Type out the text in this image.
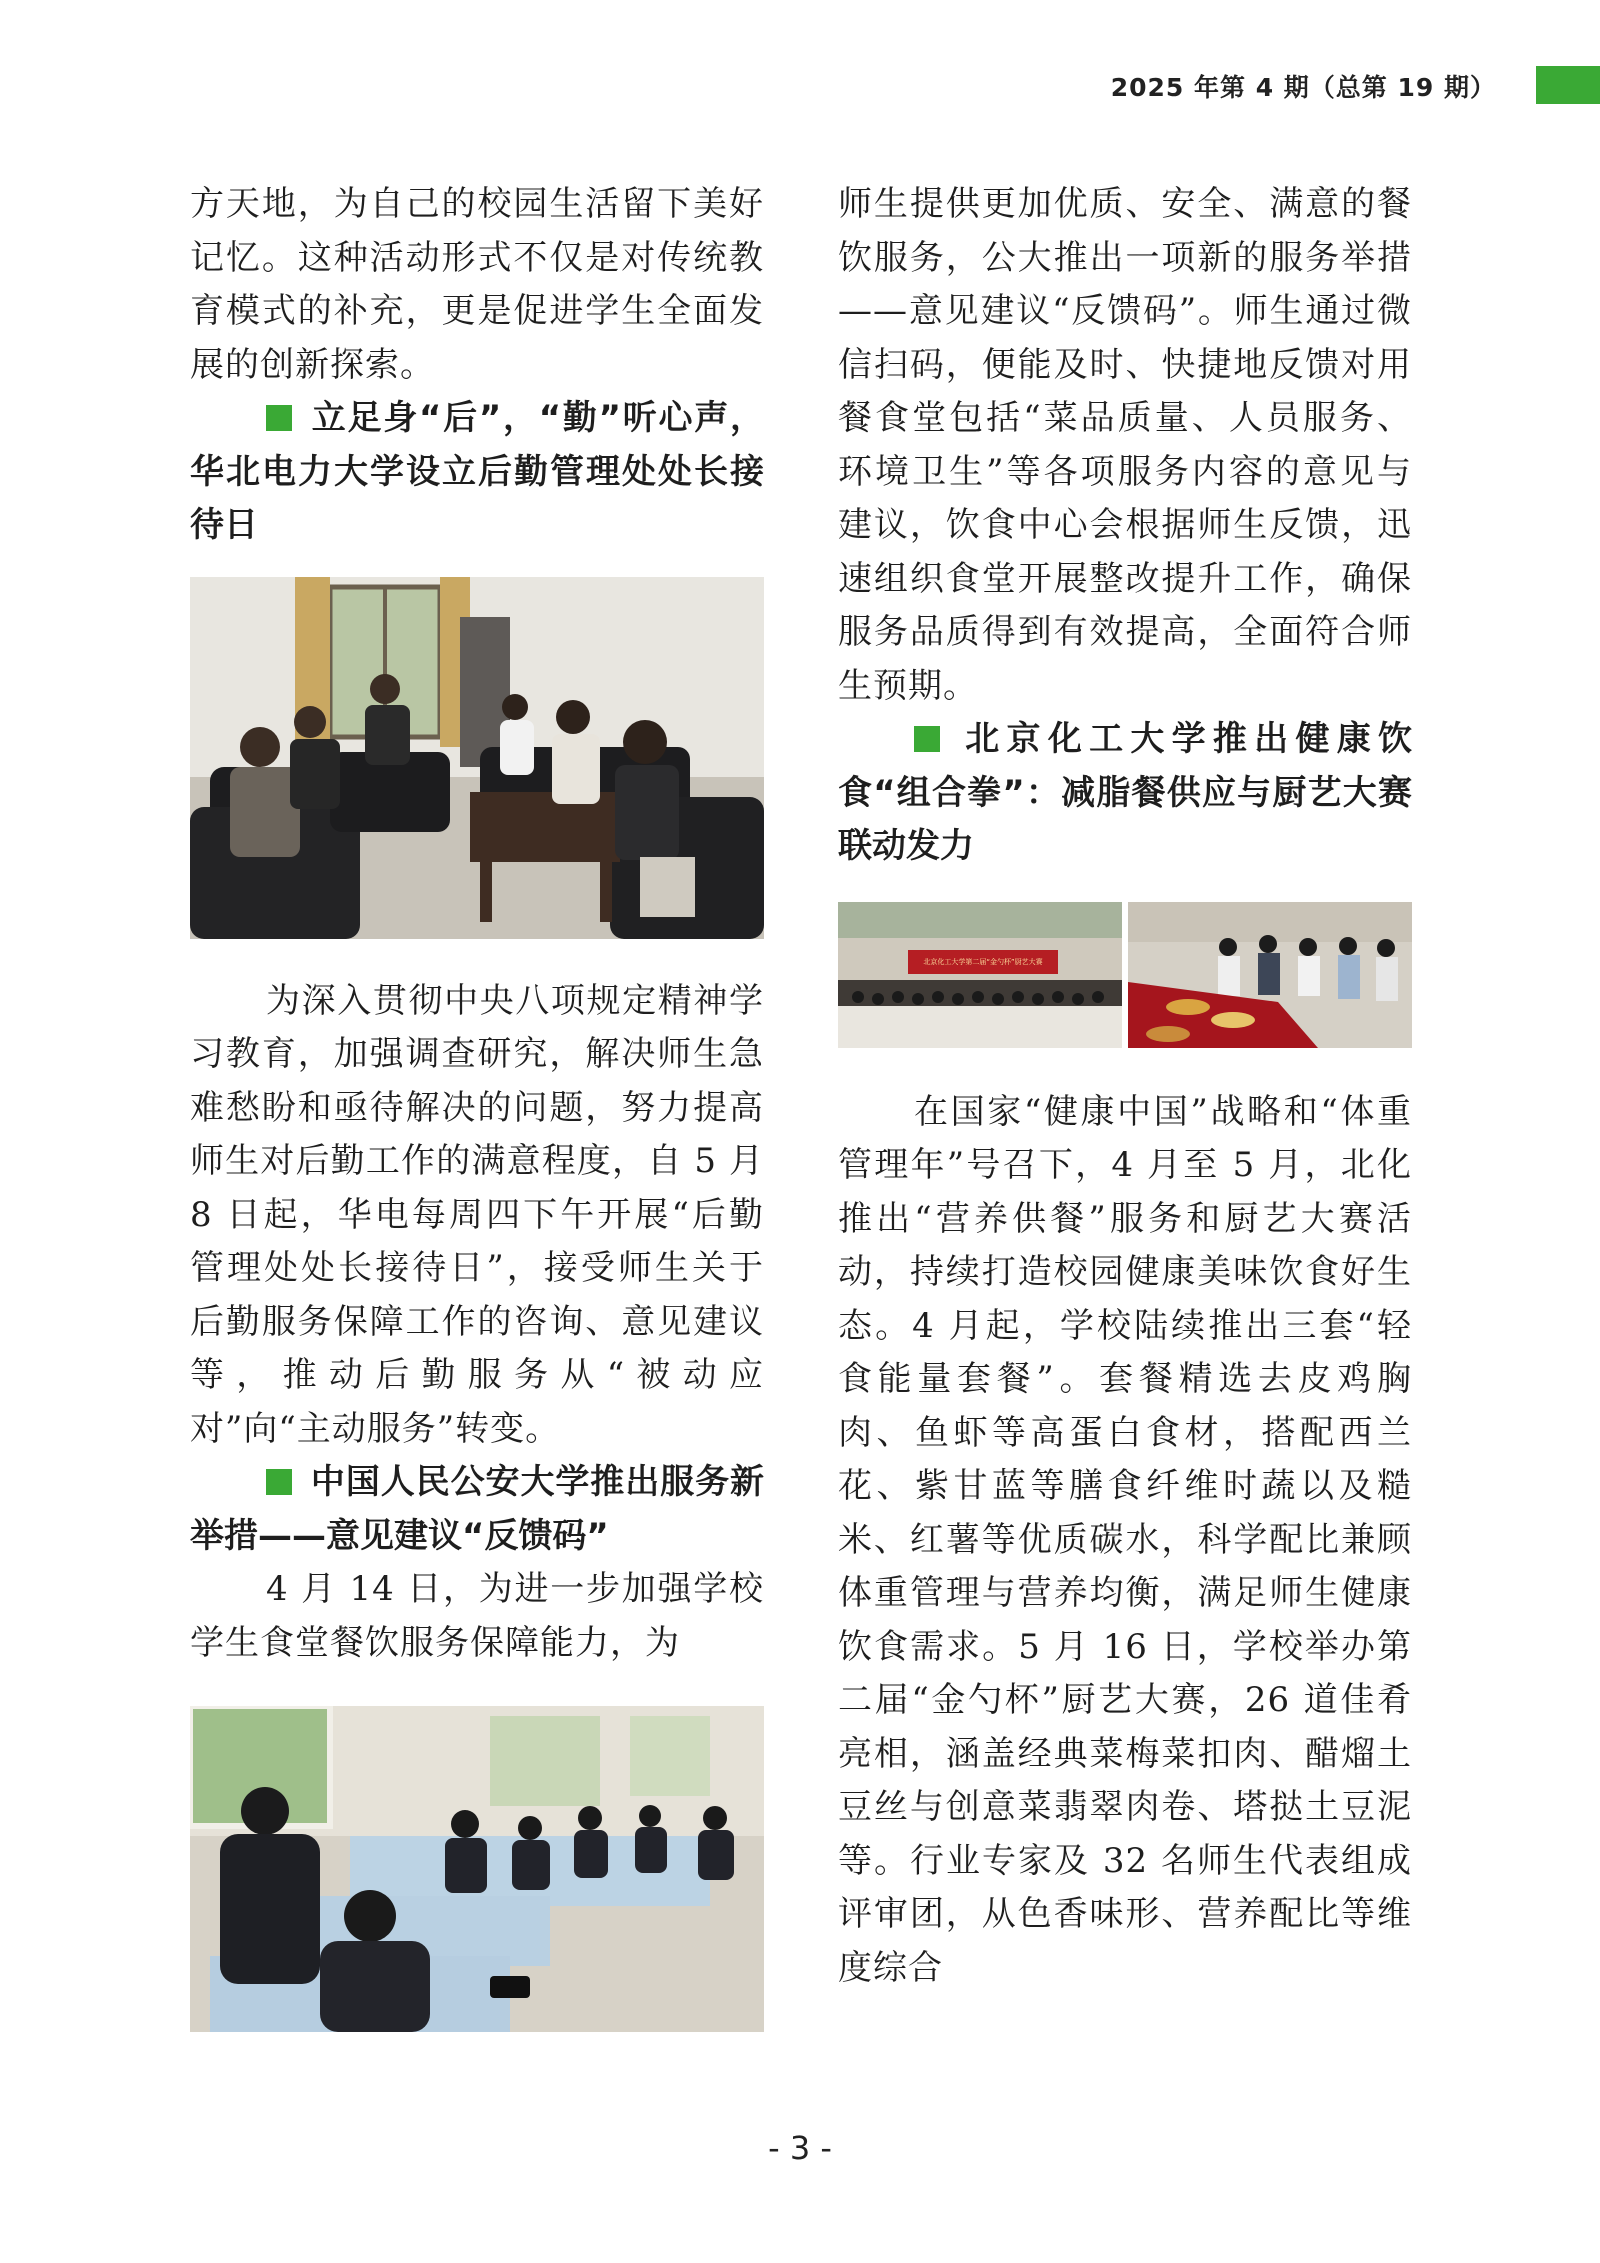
2025 年第 4 期（总第 19 期）

方天地，为自己的校园生活留下美好记忆。这种活动形式不仅是对传统教育模式的补充，更是促进学生全面发展的创新探索。

立足身“后”，“勤”听心声，华北电力大学设立后勤管理处处长接待日

为深入贯彻中央八项规定精神学习教育，加强调查研究，解决师生急难愁盼和亟待解决的问题，努力提高师生对后勤工作的满意程度，自 5 月 8 日起，华电每周四下午开展“后勤管理处处长接待日”，接受师生关于后勤服务保障工作的咨询、意见建议等，推动后勤服务从“被动应对”向“主动服务”转变。

中国人民公安大学推出服务新举措——意见建议“反馈码”

4 月 14 日，为进一步加强学校学生食堂餐饮服务保障能力，为

师生提供更加优质、安全、满意的餐饮服务，公大推出一项新的服务举措——意见建议“反馈码”。师生通过微信扫码，便能及时、快捷地反馈对用餐食堂包括“菜品质量、人员服务、环境卫生”等各项服务内容的意见与建议，饮食中心会根据师生反馈，迅速组织食堂开展整改提升工作，确保服务品质得到有效提高，全面符合师生预期。

北京化工大学推出健康饮食“组合拳”：减脂餐供应与厨艺大赛联动发力

北京化工大学第二届“金勺杯”厨艺大赛

在国家“健康中国”战略和“体重管理年”号召下，4 月至 5 月，北化推出“营养供餐”服务和厨艺大赛活动，持续打造校园健康美味饮食好生态。4 月起，学校陆续推出三套“轻食能量套餐”。套餐精选去皮鸡胸肉、鱼虾等高蛋白食材，搭配西兰花、紫甘蓝等膳食纤维时蔬以及糙米、红薯等优质碳水，科学配比兼顾体重管理与营养均衡，满足师生健康饮食需求。5 月 16 日，学校举办第二届“金勺杯”厨艺大赛，26 道佳肴亮相，涵盖经典菜梅菜扣肉、醋熘土豆丝与创意菜翡翠肉卷、塔挞土豆泥等。行业专家及 32 名师生代表组成评审团，从色香味形、营养配比等维度综合

- 3 -
